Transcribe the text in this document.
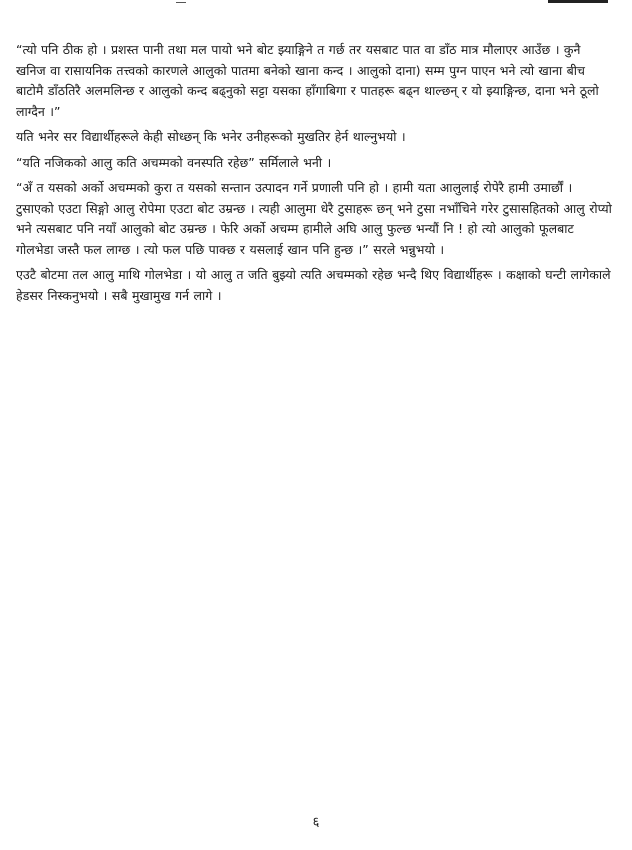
“त्यो पनि ठीक हो । प्रशस्त पानी तथा मल पायो भने बोट झ्याङ्गिने त गर्छ तर यसबाट पात वा डाँठ मात्र मौलाएर आउँछ । कुनै खनिज वा रासायनिक तत्त्वको कारणले आलुको पातमा बनेको खाना कन्द । आलुको दाना) सम्म पुग्न पाएन भने त्यो खाना बीच बाटोमै डाँठतिरै अलमलिन्छ र आलुको कन्द बढ्नुको सट्टा यसका हाँगाबिगा र पातहरू बढ्न थाल्छन् र यो झ्याङ्गिन्छ, दाना भने ठूलो लाग्दैन ।”

यति भनेर सर विद्यार्थीहरूले केही सोध्छन् कि भनेर उनीहरूको मुखतिर हेर्न थाल्नुभयो ।

“यति नजिकको आलु कति अचम्मको वनस्पति रहेछ” सर्मिलाले भनी ।

“अँ त यसको अर्को अचम्मको कुरा त यसको सन्तान उत्पादन गर्ने प्रणाली पनि हो । हामी यता आलुलाई रोपेरै हामी उमार्छौं । टुसाएको एउटा सिङ्गो आलु रोपेमा एउटा बोट उम्रन्छ । त्यही आलुमा धेरै टुसाहरू छन् भने टुसा नभाँचिने गरेर टुसासहितको आलु रोप्यो भने त्यसबाट पनि नयाँ आलुको बोट उम्रन्छ । फेरि अर्को अचम्म हामीले अघि आलु फुल्छ भन्यौं नि ! हो त्यो आलुको फूलबाट गोलभेडा जस्तै फल लाग्छ । त्यो फल पछि पाक्छ र यसलाई खान पनि हुन्छ ।” सरले भन्नुभयो ।

एउटै बोटमा तल आलु माथि गोलभेडा । यो आलु त जति बुझ्यो त्यति अचम्मको रहेछ भन्दै थिए विद्यार्थीहरू । कक्षाको घन्टी लागेकाले हेडसर निस्कनुभयो । सबै मुखामुख गर्न लागे ।

६
